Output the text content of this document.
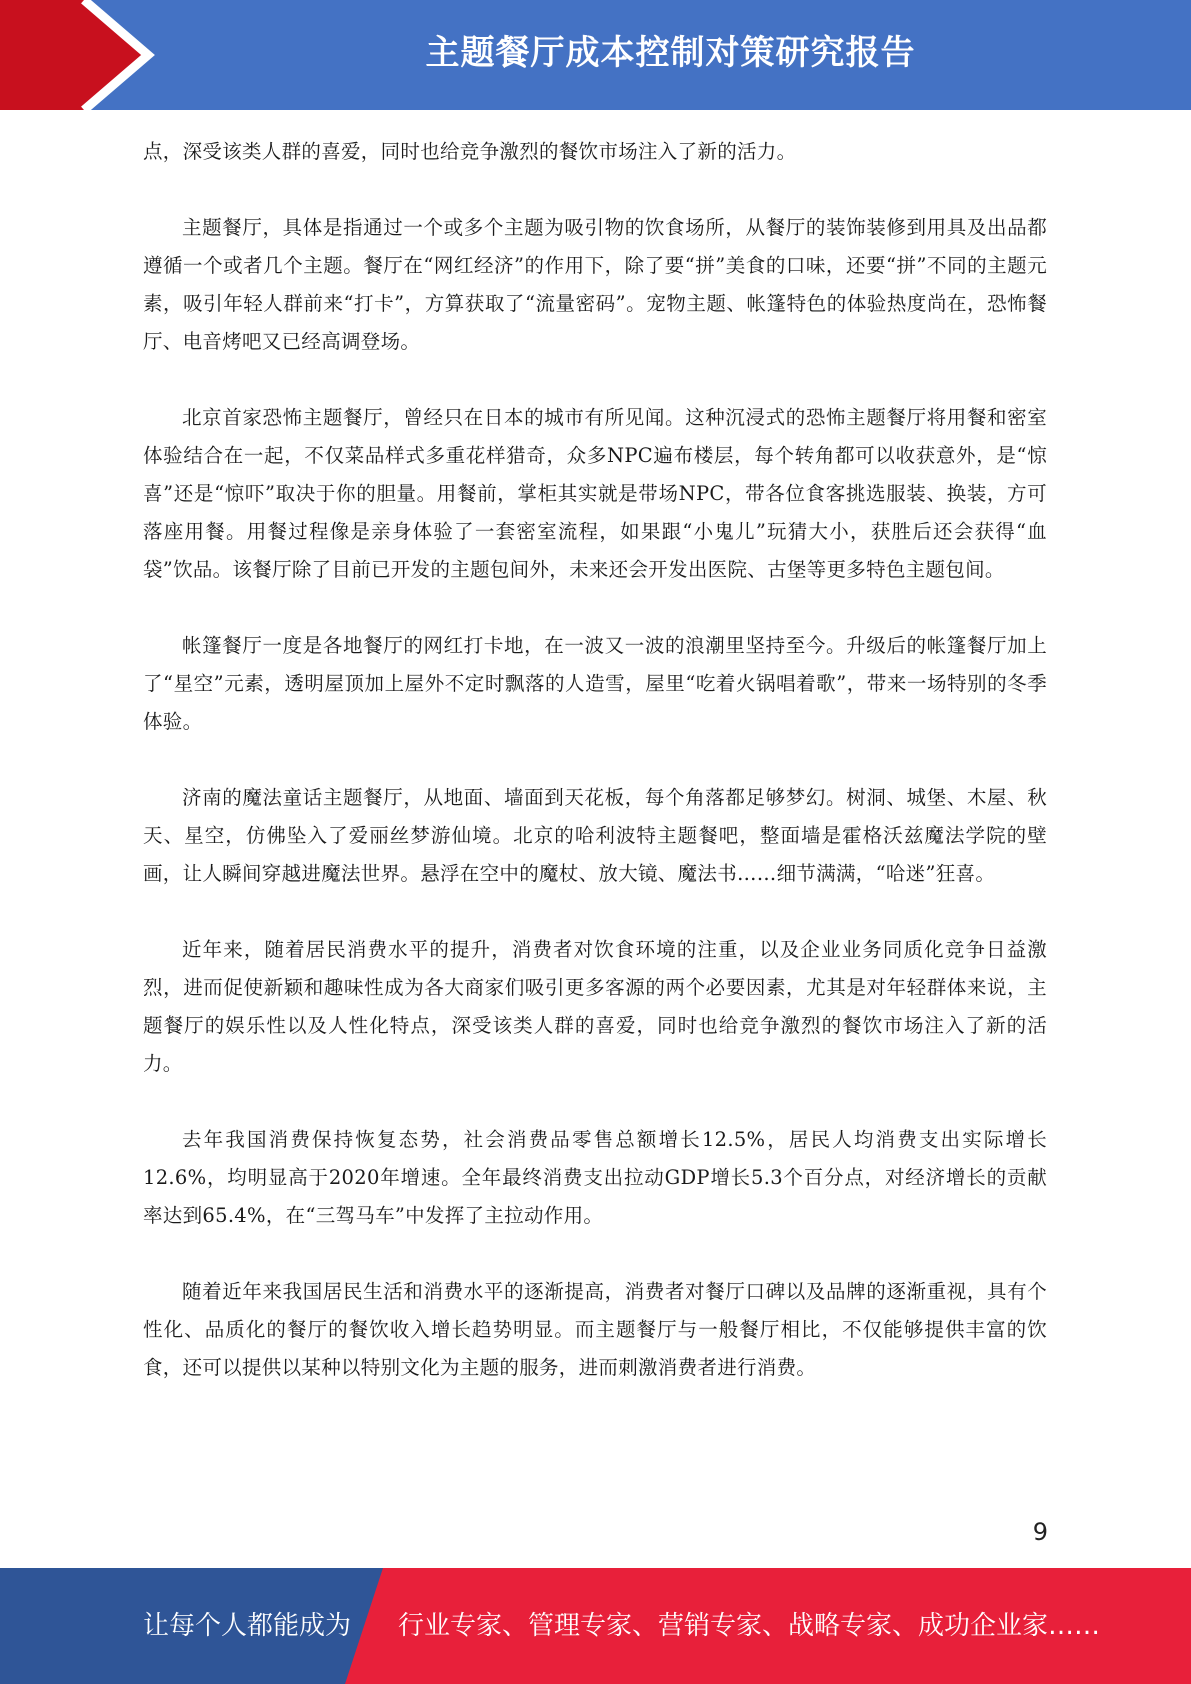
主题餐厅成本控制对策研究报告

点，深受该类人群的喜爱，同时也给竞争激烈的餐饮市场注入了新的活力。

主题餐厅，具体是指通过一个或多个主题为吸引物的饮食场所，从餐厅的装饰装修到用具及出品都遵循一个或者几个主题。餐厅在“网红经济”的作用下，除了要“拼”美食的口味，还要“拼”不同的主题元素，吸引年轻人群前来“打卡”，方算获取了“流量密码”。宠物主题、帐篷特色的体验热度尚在，恐怖餐厅、电音烤吧又已经高调登场。

北京首家恐怖主题餐厅，曾经只在日本的城市有所见闻。这种沉浸式的恐怖主题餐厅将用餐和密室体验结合在一起，不仅菜品样式多重花样猎奇，众多NPC遍布楼层，每个转角都可以收获意外，是“惊喜”还是“惊吓”取决于你的胆量。用餐前，掌柜其实就是带场NPC，带各位食客挑选服装、换装，方可落座用餐。用餐过程像是亲身体验了一套密室流程，如果跟“小鬼儿”玩猜大小，获胜后还会获得“血袋”饮品。该餐厅除了目前已开发的主题包间外，未来还会开发出医院、古堡等更多特色主题包间。

帐篷餐厅一度是各地餐厅的网红打卡地，在一波又一波的浪潮里坚持至今。升级后的帐篷餐厅加上了“星空”元素，透明屋顶加上屋外不定时飘落的人造雪，屋里“吃着火锅唱着歌”，带来一场特别的冬季体验。

济南的魔法童话主题餐厅，从地面、墙面到天花板，每个角落都足够梦幻。树洞、城堡、木屋、秋天、星空，仿佛坠入了爱丽丝梦游仙境。北京的哈利波特主题餐吧，整面墙是霍格沃兹魔法学院的壁画，让人瞬间穿越进魔法世界。悬浮在空中的魔杖、放大镜、魔法书……细节满满，“哈迷”狂喜。

近年来，随着居民消费水平的提升，消费者对饮食环境的注重，以及企业业务同质化竞争日益激烈，进而促使新颖和趣味性成为各大商家们吸引更多客源的两个必要因素，尤其是对年轻群体来说，主题餐厅的娱乐性以及人性化特点，深受该类人群的喜爱，同时也给竞争激烈的餐饮市场注入了新的活力。

去年我国消费保持恢复态势，社会消费品零售总额增长12.5%，居民人均消费支出实际增长12.6%，均明显高于2020年增速。全年最终消费支出拉动GDP增长5.3个百分点，对经济增长的贡献率达到65.4%，在“三驾马车”中发挥了主拉动作用。

随着近年来我国居民生活和消费水平的逐渐提高，消费者对餐厅口碑以及品牌的逐渐重视，具有个性化、品质化的餐厅的餐饮收入增长趋势明显。而主题餐厅与一般餐厅相比，不仅能够提供丰富的饮食，还可以提供以某种以特别文化为主题的服务，进而刺激消费者进行消费。

9
让每个人都能成为 行业专家、管理专家、营销专家、战略专家、成功企业家……
